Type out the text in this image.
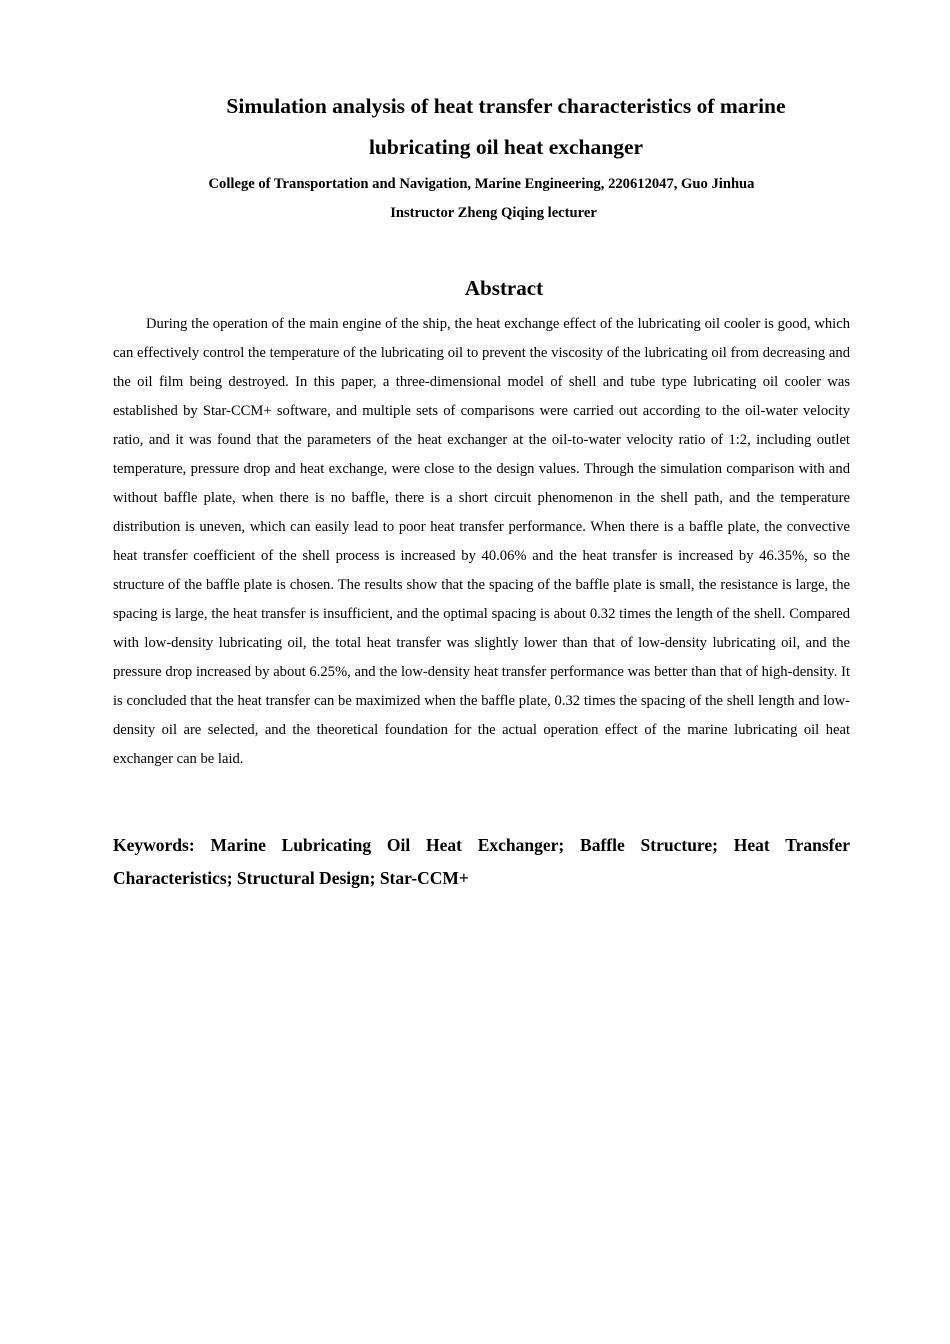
Simulation analysis of heat transfer characteristics of marine
lubricating oil heat exchanger

College of Transportation and Navigation, Marine Engineering, 220612047, Guo Jinhua

Instructor Zheng Qiqing lecturer

Abstract

During the operation of the main engine of the ship, the heat exchange effect of the lubricating oil cooler is good, which can effectively control the temperature of the lubricating oil to prevent the viscosity of the lubricating oil from decreasing and the oil film being destroyed. In this paper, a three-dimensional model of shell and tube type lubricating oil cooler was established by Star-CCM+ software, and multiple sets of comparisons were carried out according to the oil-water velocity ratio, and it was found that the parameters of the heat exchanger at the oil-to-water velocity ratio of 1:2, including outlet temperature, pressure drop and heat exchange, were close to the design values. Through the simulation comparison with and without baffle plate, when there is no baffle, there is a short circuit phenomenon in the shell path, and the temperature distribution is uneven, which can easily lead to poor heat transfer performance. When there is a baffle plate, the convective heat transfer coefficient of the shell process is increased by 40.06% and the heat transfer is increased by 46.35%, so the structure of the baffle plate is chosen. The results show that the spacing of the baffle plate is small, the resistance is large, the spacing is large, the heat transfer is insufficient, and the optimal spacing is about 0.32 times the length of the shell. Compared with low-density lubricating oil, the total heat transfer was slightly lower than that of low-density lubricating oil, and the pressure drop increased by about 6.25%, and the low-density heat transfer performance was better than that of high-density. It is concluded that the heat transfer can be maximized when the baffle plate, 0.32 times the spacing of the shell length and low-density oil are selected, and the theoretical foundation for the actual operation effect of the marine lubricating oil heat exchanger can be laid.

Keywords: Marine Lubricating Oil Heat Exchanger; Baffle Structure; Heat Transfer Characteristics; Structural Design; Star-CCM+
